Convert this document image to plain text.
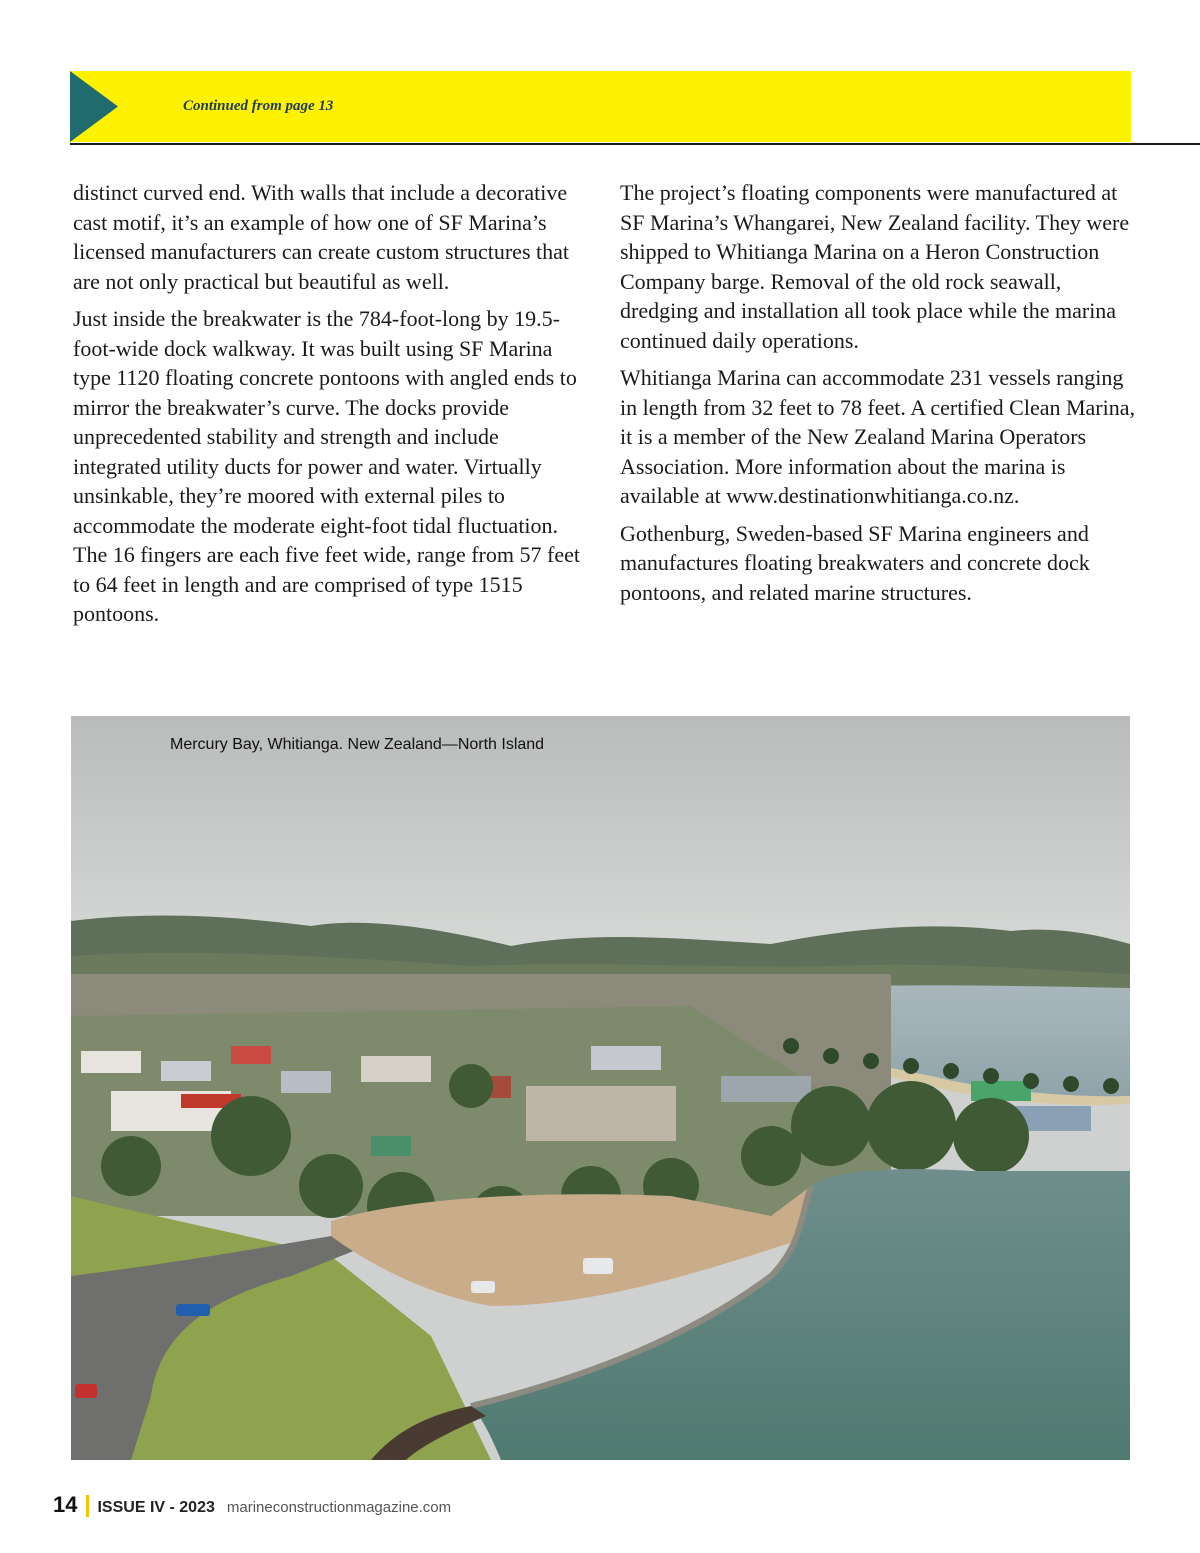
Continued from page 13

distinct curved end. With walls that include a decorative cast motif, it’s an example of how one of SF Marina’s licensed manufacturers can create custom structures that are not only practical but beautiful as well.

Just inside the breakwater is the 784-foot-long by 19.5-foot-wide dock walkway. It was built using SF Marina type 1120 floating concrete pontoons with angled ends to mirror the breakwater’s curve. The docks provide unprecedented stability and strength and include integrated utility ducts for power and water. Virtually unsinkable, they’re moored with external piles to accommodate the moderate eight-foot tidal fluctuation. The 16 fingers are each five feet wide, range from 57 feet to 64 feet in length and are comprised of type 1515 pontoons.

The project’s floating components were manufactured at SF Marina’s Whangarei, New Zealand facility. They were shipped to Whitianga Marina on a Heron Construction Company barge. Removal of the old rock seawall, dredging and installation all took place while the marina continued daily operations.

Whitianga Marina can accommodate 231 vessels ranging in length from 32 feet to 78 feet. A certified Clean Marina, it is a member of the New Zealand Marina Operators Association. More information about the marina is available at www.destinationwhitianga.co.nz.

Gothenburg, Sweden-based SF Marina engineers and manufactures floating breakwaters and concrete dock pontoons, and related marine structures.

Mercury Bay, Whitianga. New Zealand—North Island
14 ISSUE IV - 2023 marineconstructionmagazine.com
